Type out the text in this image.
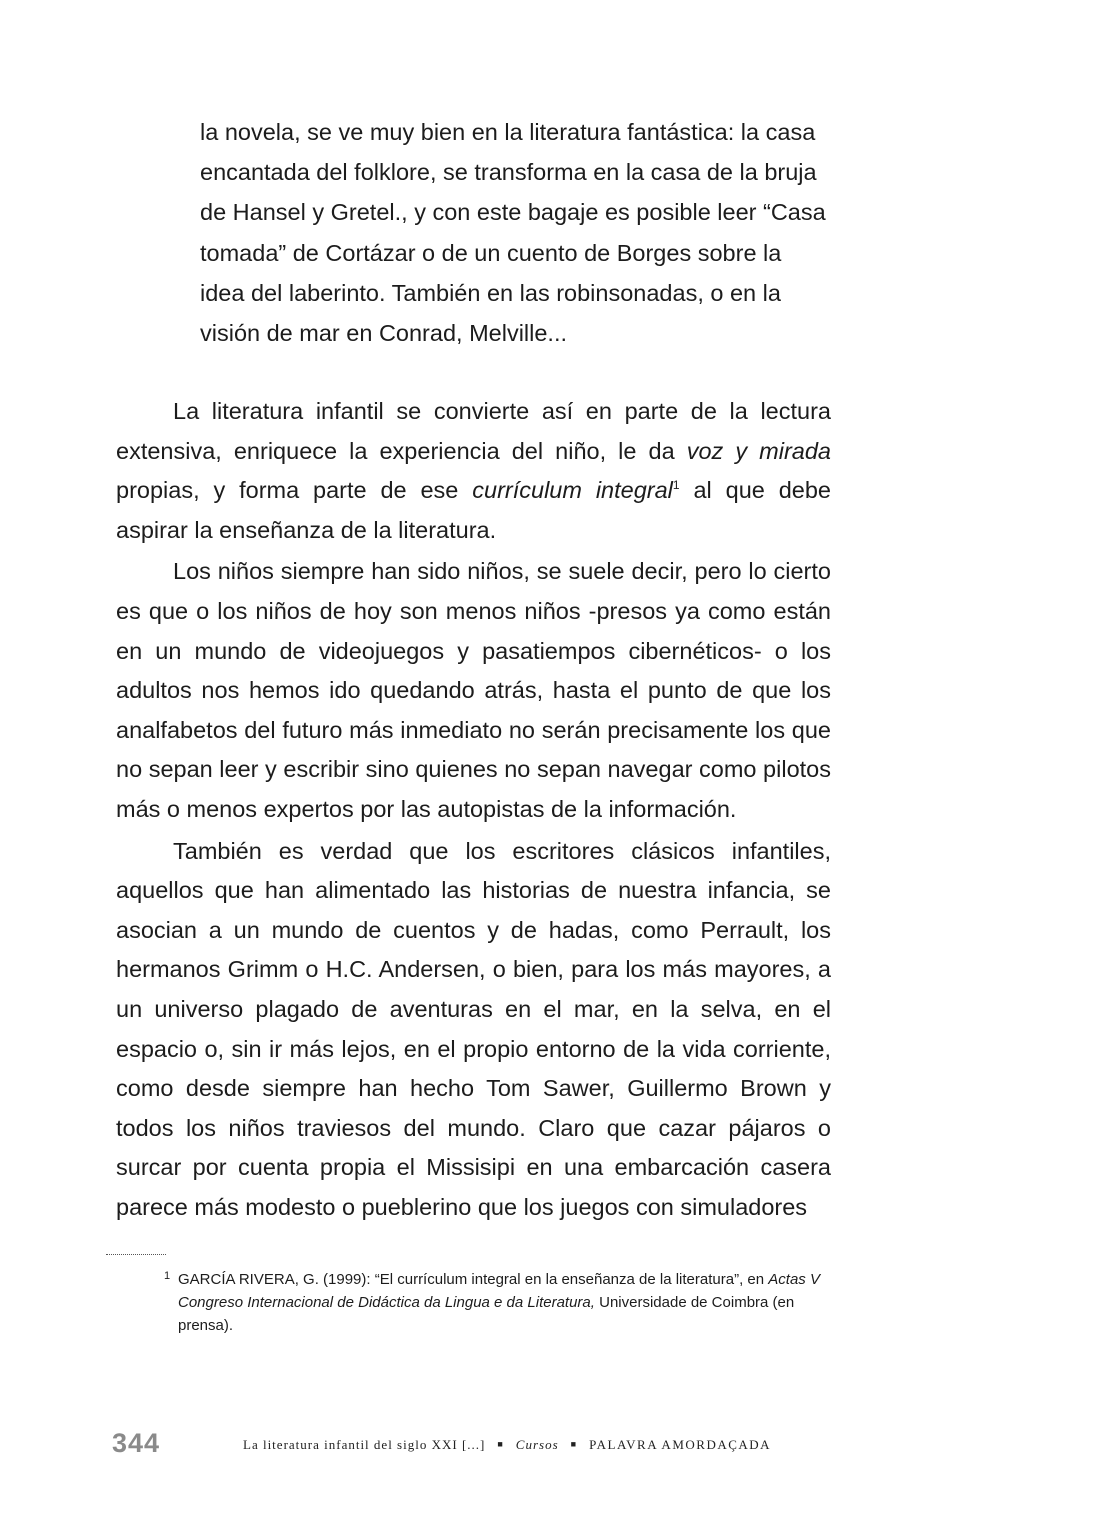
la novela, se ve muy bien en la literatura fantástica: la casa encantada del folklore, se transforma en la casa de la bruja de Hansel y Gretel., y con este bagaje es posible leer “Casa tomada” de Cortázar o de un cuento de Borges sobre la idea del laberinto. También en las robinsonadas, o en la visión de mar en Conrad, Melville...

La literatura infantil se convierte así en parte de la lectura extensiva, enriquece la experiencia del niño, le da voz y mirada propias, y forma parte de ese currículum integral$^1$ al que debe aspirar la enseñanza de la literatura.

Los niños siempre han sido niños, se suele decir, pero lo cierto es que o los niños de hoy son menos niños -presos ya como están en un mundo de videojuegos y pasatiempos cibernéticos- o los adultos nos hemos ido quedando atrás, hasta el punto de que los analfabetos del futuro más inmediato no serán precisamente los que no sepan leer y escribir sino quienes no sepan navegar como pilotos más o menos expertos por las autopistas de la información.

También es verdad que los escritores clásicos infantiles, aquellos que han alimentado las historias de nuestra infancia, se asocian a un mundo de cuentos y de hadas, como Perrault, los hermanos Grimm o H.C. Andersen, o bien, para los más mayores, a un universo plagado de aventuras en el mar, en la selva, en el espacio o, sin ir más lejos, en el propio entorno de la vida corriente, como desde siempre han hecho Tom Sawer, Guillermo Brown y todos los niños traviesos del mundo. Claro que cazar pájaros o surcar por cuenta propia el Missisipi en una embarcación casera parece más modesto o pueblerino que los juegos con simuladores

1 GARCÍA RIVERA, G. (1999): “El currículum integral en la enseñanza de la literatura”, en Actas V Congreso Internacional de Didáctica da Lingua e da Literatura, Universidade de Coimbra (en prensa).

344	La literatura infantil del siglo XXI [...] ■ Cursos ■ PALAVRA AMORDAÇADA
